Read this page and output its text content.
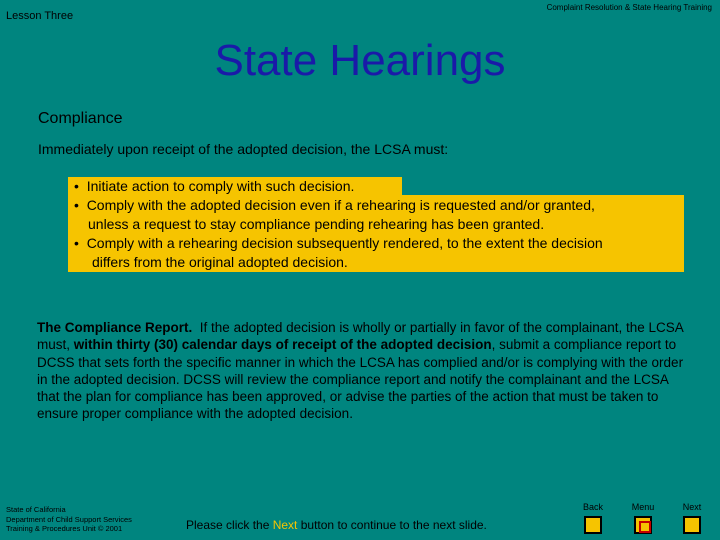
Lesson Three
Complaint Resolution & State Hearing Training
State Hearings
Compliance
Immediately upon receipt of the adopted decision, the LCSA must:
•  Initiate action to comply with such decision.
•  Comply with the adopted decision even if a rehearing is requested and/or granted,
unless a request to stay compliance pending rehearing has been granted.
•  Comply with a rehearing decision subsequently rendered, to the extent the decision
differs from the original adopted decision.
The Compliance Report. If the adopted decision is wholly or partially in favor of the complainant, the LCSA must, within thirty (30) calendar days of receipt of the adopted decision, submit a compliance report to DCSS that sets forth the specific manner in which the LCSA has complied and/or is complying with the order in the adopted decision. DCSS will review the compliance report and notify the complainant and the LCSA that the plan for compliance has been approved, or advise the parties of the action that must be taken to ensure proper compliance with the adopted decision.
State of California
Department of Child Support Services
Training & Procedures Unit © 2001	Please click the Next button to continue to the next slide.
Back	Menu	Next
